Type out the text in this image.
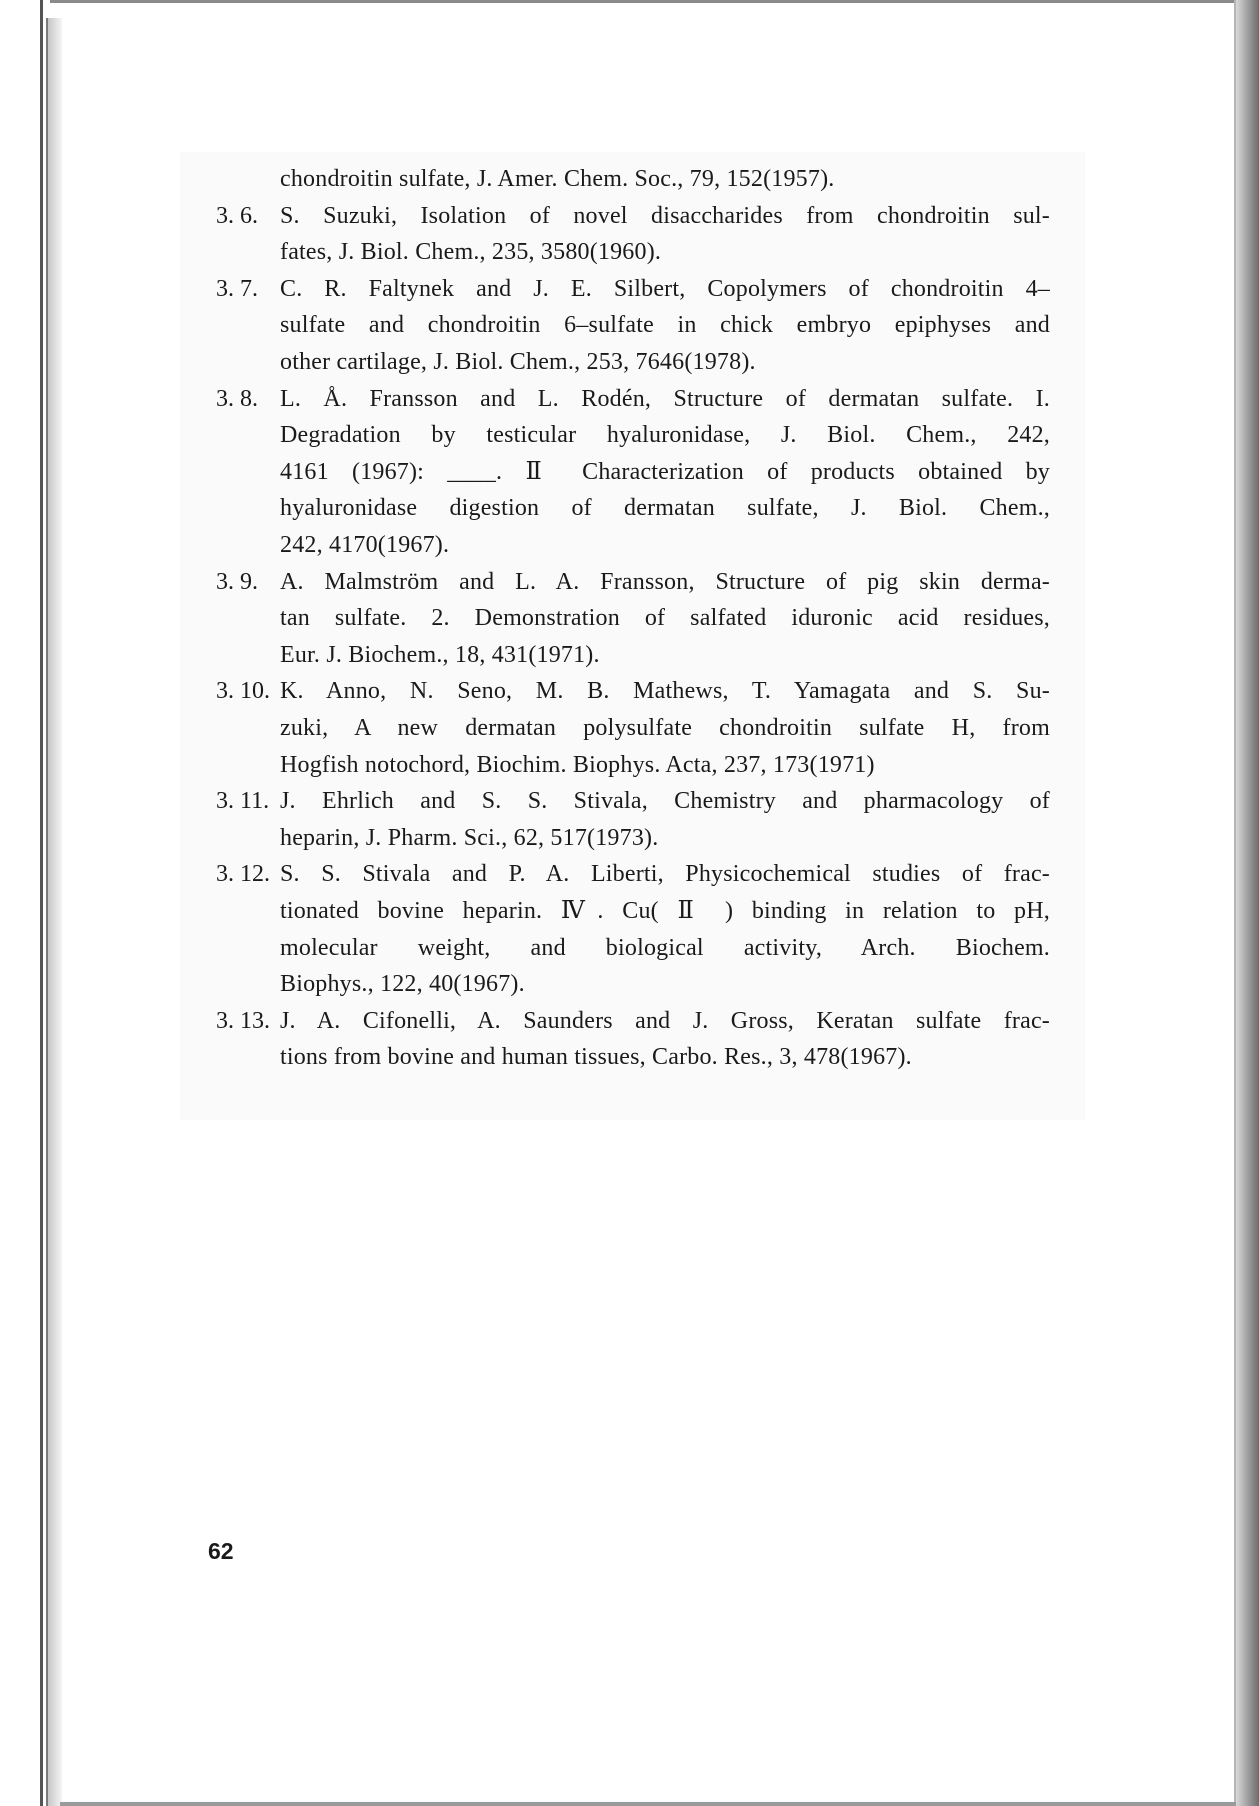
chondroitin sulfate, J. Amer. Chem. Soc., 79, 152(1957).
3. 6. S. Suzuki, Isolation of novel disaccharides from chondroitin sul-
fates, J. Biol. Chem., 235, 3580(1960).
3. 7. C. R. Faltynek and J. E. Silbert, Copolymers of chondroitin 4–
sulfate and chondroitin 6–sulfate in chick embryo epiphyses and
other cartilage, J. Biol. Chem., 253, 7646(1978).
3. 8. L. Å. Fransson and L. Rodén, Structure of dermatan sulfate. I.
Degradation by testicular hyaluronidase, J. Biol. Chem., 242,
4161 (1967): ____. Ⅱ Characterization of products obtained by
hyaluronidase digestion of dermatan sulfate, J. Biol. Chem.,
242, 4170(1967).
3. 9. A. Malmström and L. A. Fransson, Structure of pig skin derma-
tan sulfate. 2. Demonstration of salfated iduronic acid residues,
Eur. J. Biochem., 18, 431(1971).
3. 10. K. Anno, N. Seno, M. B. Mathews, T. Yamagata and S. Su-
zuki, A new dermatan polysulfate chondroitin sulfate H, from
Hogfish notochord, Biochim. Biophys. Acta, 237, 173(1971)
3. 11. J. Ehrlich and S. S. Stivala, Chemistry and pharmacology of
heparin, J. Pharm. Sci., 62, 517(1973).
3. 12. S. S. Stivala and P. A. Liberti, Physicochemical studies of frac-
tionated bovine heparin. Ⅳ. Cu( Ⅱ ) binding in relation to pH,
molecular weight, and biological activity, Arch. Biochem.
Biophys., 122, 40(1967).
3. 13. J. A. Cifonelli, A. Saunders and J. Gross, Keratan sulfate frac-
tions from bovine and human tissues, Carbo. Res., 3, 478(1967).
62
